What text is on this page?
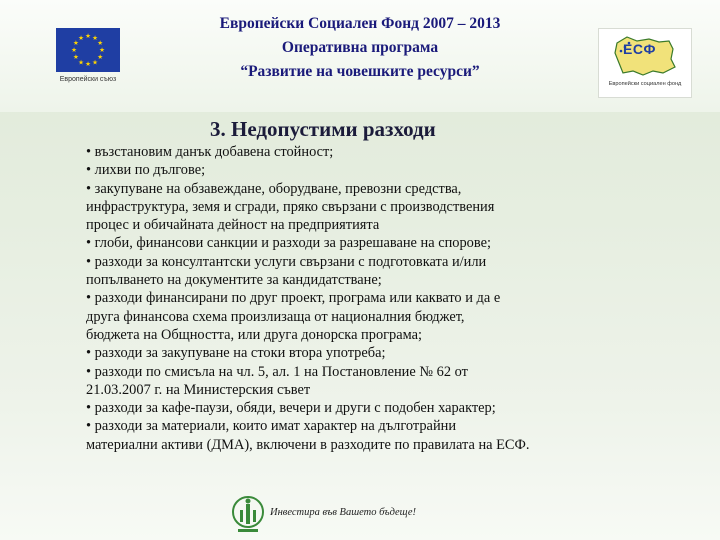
★ ★
★
★
★
★
★
★
★
★
★
★
Европейски съюз
Европейски Социален Фонд 2007 – 2013
Оперативна програма
“Развитие на човешките ресурси”
ЕСФ
Европейски социален фонд
3. Недопустими разходи
• възстановим данък добавена стойност;
• лихви по дългове;
• закупуване на обзавеждане, оборудване, превозни средства,
инфраструктура, земя и сгради, пряко свързани с производствения
процес и обичайната дейност на предприятията
• глоби, финансови санкции и разходи за разрешаване на спорове;
• разходи за консултантски услуги свързани с подготовката и/или
попълването на документите за кандидатстване;
• разходи финансирани по друг проект, програма или каквато и да е
друга финансова схема произлизаща от националния бюджет,
бюджета на Общността, или друга донорска програма;
• разходи за закупуване на стоки втора употреба;
• разходи по смисъла на чл. 5, ал. 1 на Постановление № 62 от
21.03.2007 г. на Министерския съвет
• разходи за кафе-паузи, обяди, вечери и други с подобен характер;
• разходи за материали, които имат характер на дълготрайни
материални активи (ДМА), включени в разходите по правилата на ЕСФ.
Инвестира във Вашето бъдеще!
